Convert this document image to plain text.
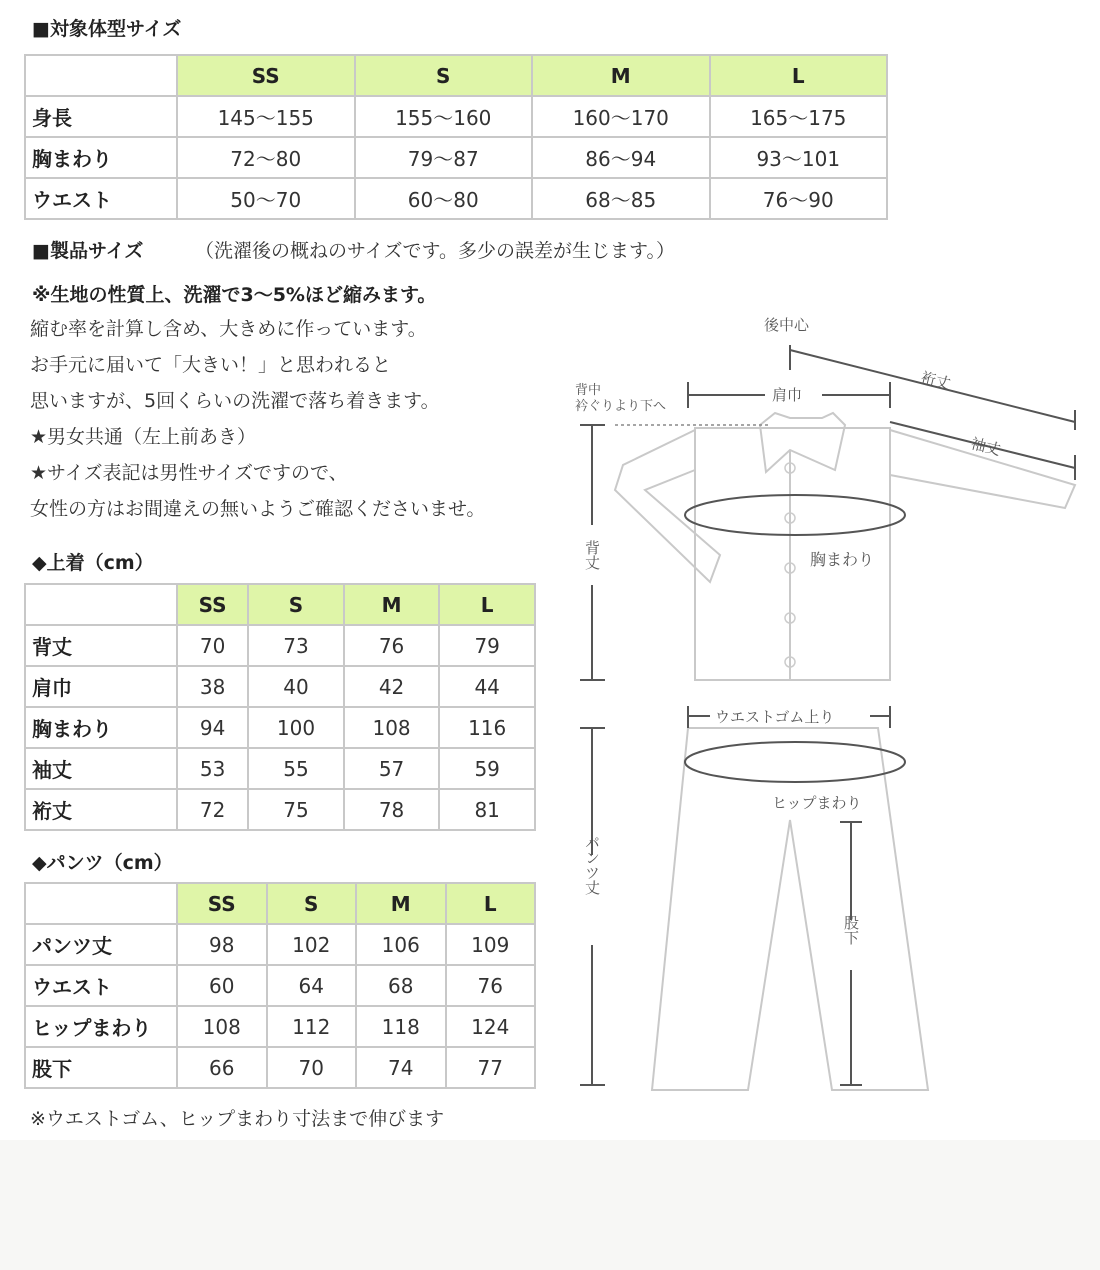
■対象体型サイズ
	SS	S	M	L
身長	145〜155	155〜160	160〜170	165〜175
胸まわり	72〜80	79〜87	86〜94	93〜101
ウエスト	50〜70	60〜80	68〜85	76〜90
■製品サイズ	（洗濯後の概ねのサイズです。多少の誤差が生じます。）
※生地の性質上、洗濯で3〜5%ほど縮みます。

縮む率を計算し含め、大きめに作っています。

お手元に届いて「大きい！」と思われると

思いますが、5回くらいの洗濯で落ち着きます。

★男女共通（左上前あき）

★サイズ表記は男性サイズですので、

女性の方はお間違えの無いようご確認くださいませ。

◆上着（cm）
	SS	S	M	L
背丈	70	73	76	79
肩巾	38	40	42	44
胸まわり	94	100	108	116
袖丈	53	55	57	59
裄丈	72	75	78	81
◆パンツ（cm）
	SS	S	M	L
パンツ丈	98	102	106	109
ウエスト	60	64	68	76
ヒップまわり	108	112	118	124
股下	66	70	74	77
※ウエストゴム、ヒップまわり寸法まで伸びます
後中心
裄丈
背中
衿ぐりより下へ
肩巾
袖丈
背丈	胸まわり
ウエストゴム上り
ヒップまわり
パンツ丈
股下
